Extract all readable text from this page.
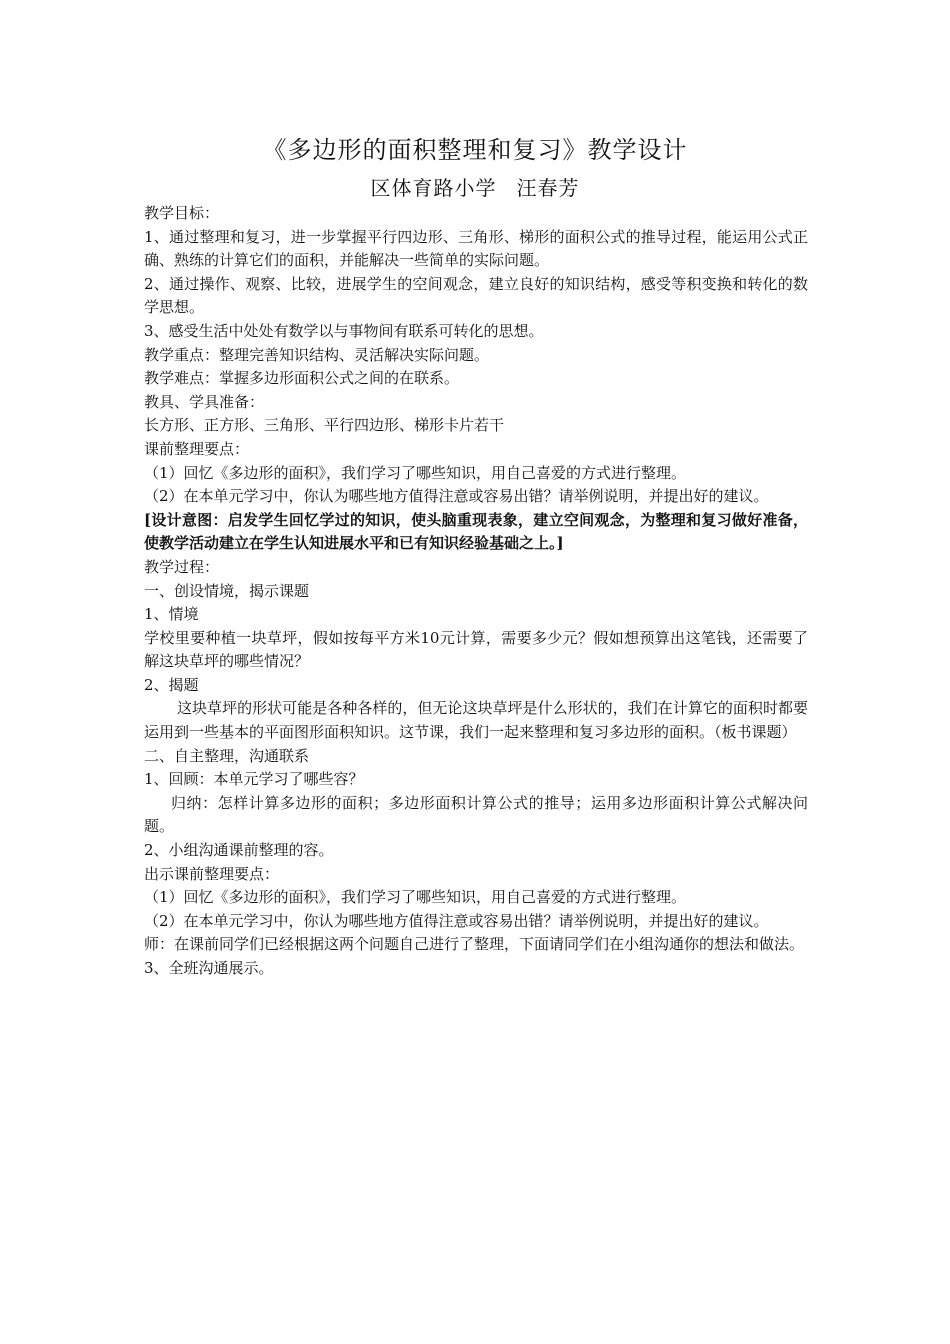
《多边形的面积整理和复习》教学设计
区体育路小学 汪春芳

教学目标：

1、通过整理和复习，进一步掌握平行四边形、三角形、梯形的面积公式的推导过程，能运用公式正确、熟练的计算它们的面积，并能解决一些简单的实际问题。

2、通过操作、观察、比较，进展学生的空间观念，建立良好的知识结构，感受等积变换和转化的数学思想。

3、感受生活中处处有数学以与事物间有联系可转化的思想。

教学重点：整理完善知识结构、灵活解决实际问题。

教学难点：掌握多边形面积公式之间的在联系。

教具、学具准备：

长方形、正方形、三角形、平行四边形、梯形卡片若干

课前整理要点：

（1）回忆《多边形的面积》，我们学习了哪些知识，用自己喜爱的方式进行整理。

（2）在本单元学习中，你认为哪些地方值得注意或容易出错？请举例说明，并提出好的建议。

[设计意图：启发学生回忆学过的知识，使头脑重现表象，建立空间观念，为整理和复习做好准备，使教学活动建立在学生认知进展水平和已有知识经验基础之上。]

教学过程：

一、创设情境，揭示课题

1、情境

学校里要种植一块草坪，假如按每平方米10元计算，需要多少元？假如想预算出这笔钱，还需要了解这块草坪的哪些情况？

2、揭题

这块草坪的形状可能是各种各样的，但无论这块草坪是什么形状的，我们在计算它的面积时都要运用到一些基本的平面图形面积知识。这节课，我们一起来整理和复习多边形的面积。（板书课题）

二、自主整理，沟通联系

1、回顾：本单元学习了哪些容？

归纳：怎样计算多边形的面积；多边形面积计算公式的推导；运用多边形面积计算公式解决问题。

2、小组沟通课前整理的容。

出示课前整理要点：

（1）回忆《多边形的面积》，我们学习了哪些知识，用自己喜爱的方式进行整理。

（2）在本单元学习中，你认为哪些地方值得注意或容易出错？请举例说明，并提出好的建议。

师：在课前同学们已经根据这两个问题自己进行了整理，下面请同学们在小组沟通你的想法和做法。

3、全班沟通展示。
